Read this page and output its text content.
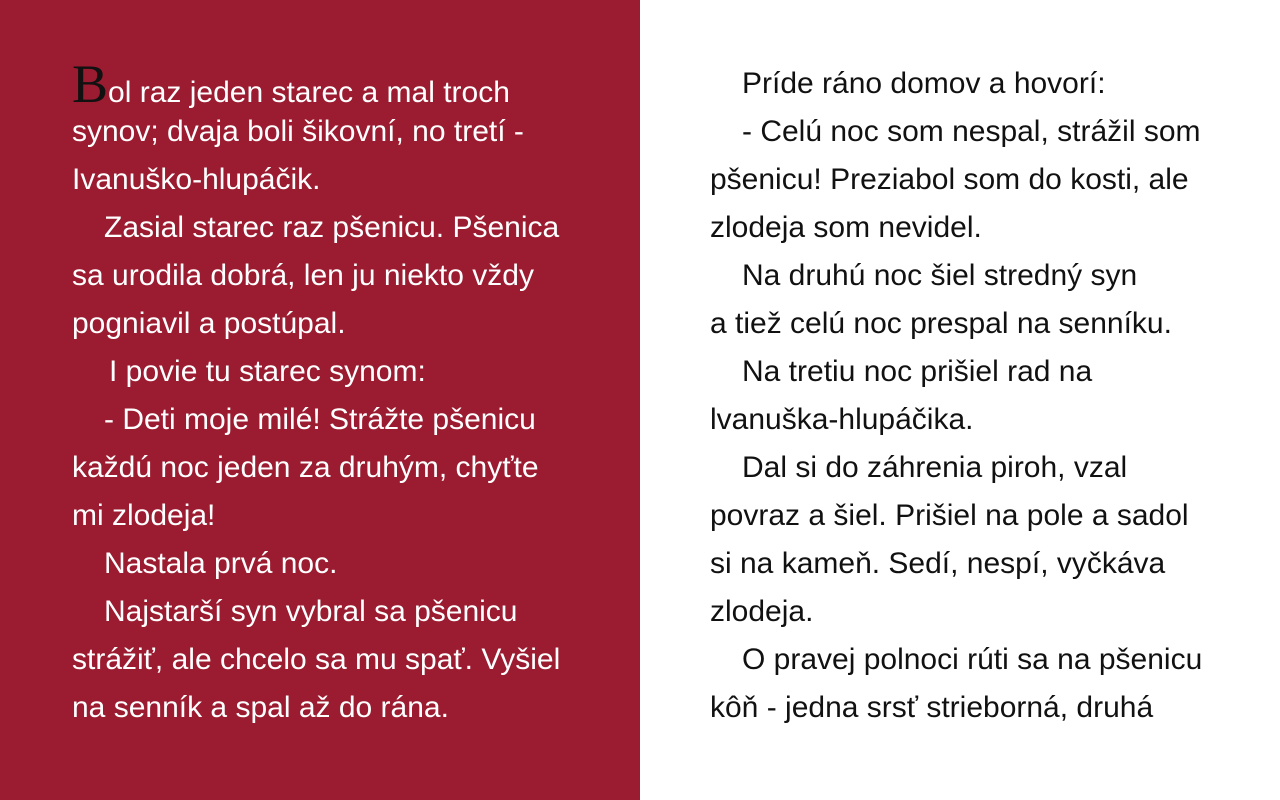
Bol raz jeden starec a mal troch
synov; dvaja boli šikovní, no tretí -
Ivanuško-hlupáčik.
Zasial starec raz pšenicu. Pšenica
sa urodila dobrá, len ju niekto vždy
pogniavil a postúpal.
I povie tu starec synom:
- Deti moje milé! Strážte pšenicu
každú noc jeden za druhým, chyťte
mi zlodeja!
Nastala prvá noc.
Najstarší syn vybral sa pšenicu
strážiť, ale chcelo sa mu spať. Vyšiel
na senník a spal až do rána.
Príde ráno domov a hovorí:
- Celú noc som nespal, strážil som
pšenicu! Preziabol som do kosti, ale
zlodeja som nevidel.
Na druhú noc šiel stredný syn
a tiež celú noc prespal na senníku.
Na tretiu noc prišiel rad na
lvanuška-hlupáčika.
Dal si do záhrenia piroh, vzal
povraz a šiel. Prišiel na pole a sadol
si na kameň. Sedí, nespí, vyčkáva
zlodeja.
O pravej polnoci rúti sa na pšenicu
kôň - jedna srsť strieborná, druhá
